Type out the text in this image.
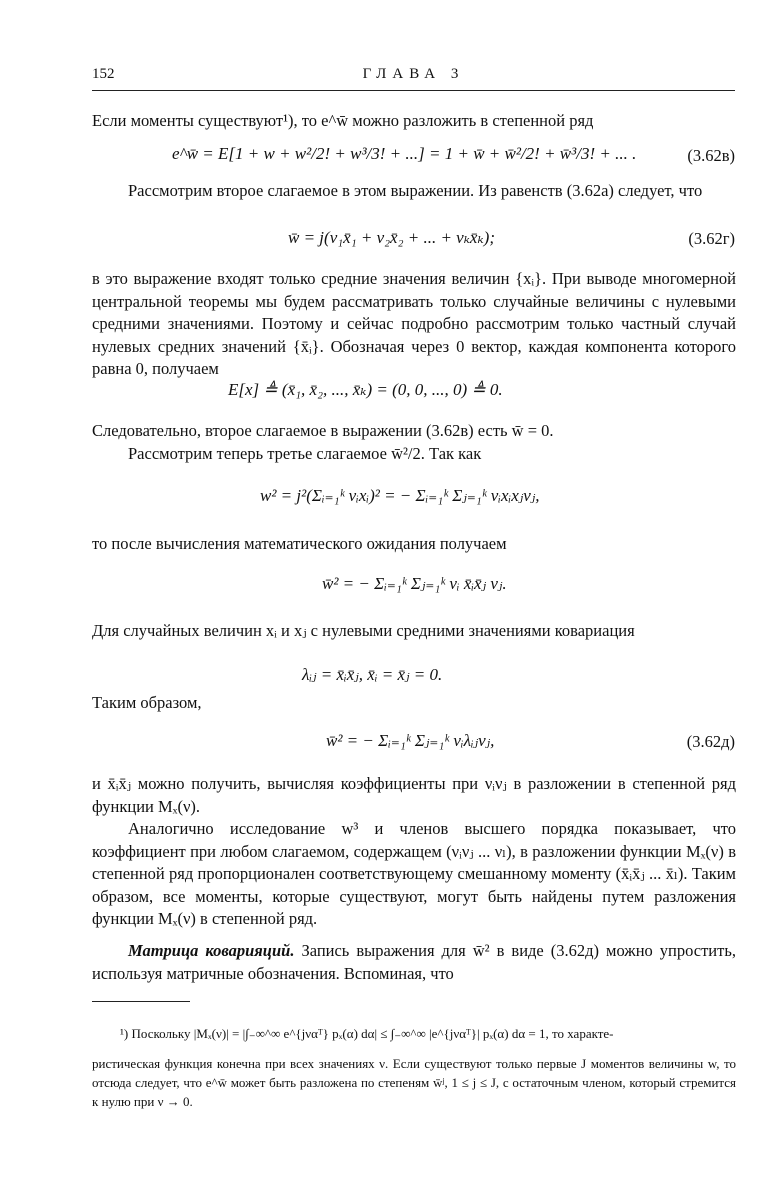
152	ГЛАВА 3
Если моменты существуют¹), то e^w̄ можно разложить в степенной ряд
e^w̄ = E[1 + w + w²/2! + w³/3! + ...] = 1 + w̄ + w̄²/2! + w̄³/3! + ... .	(3.62в)
Рассмотрим второе слагаемое в этом выражении. Из равенств (3.62а) следует, что
w̄ = j(ν₁x̄₁ + ν₂x̄₂ + ... + νₖx̄ₖ);	(3.62г)
в это выражение входят только средние значения величин {xᵢ}. При выводе многомерной центральной теоремы мы будем рассматривать только случайные величины с нулевыми средними значениями. Поэтому и сейчас подробно рассмотрим только частный случай нулевых средних значений {x̄ᵢ}. Обозначая через 0 вектор, каждая компонента которого равна 0, получаем
E[x] ≜ (x̄₁, x̄₂, ..., x̄ₖ) = (0, 0, ..., 0) ≜ 0.
Следовательно, второе слагаемое в выражении (3.62в) есть w̄ = 0.
Рассмотрим теперь третье слагаемое w̄²/2. Так как
w² = j²(Σᵢ₌₁ᵏ νᵢxᵢ)² = − Σᵢ₌₁ᵏ Σⱼ₌₁ᵏ νᵢxᵢxⱼνⱼ,
то после вычисления математического ожидания получаем
w̄² = − Σᵢ₌₁ᵏ Σⱼ₌₁ᵏ νᵢ x̄ᵢx̄ⱼ νⱼ.
Для случайных величин xᵢ и xⱼ с нулевыми средними значениями ковариация
λᵢⱼ = x̄ᵢx̄ⱼ, x̄ᵢ = x̄ⱼ = 0.
Таким образом,
w̄² = − Σᵢ₌₁ᵏ Σⱼ₌₁ᵏ νᵢλᵢⱼνⱼ,	(3.62д)
и x̄ᵢx̄ⱼ можно получить, вычисляя коэффициенты при νᵢνⱼ в разложении в степенной ряд функции Mₓ(ν).
Аналогично исследование w³ и членов высшего порядка показывает, что коэффициент при любом слагаемом, содержащем (νᵢνⱼ ... νₗ), в разложении функции Mₓ(ν) в степенной ряд пропорционален соответствующему смешанному моменту (x̄ᵢx̄ⱼ ... x̄ₗ). Таким образом, все моменты, которые существуют, могут быть найдены путем разложения функции Mₓ(ν) в степенной ряд.
Матрица коварияций. Запись выражения для w̄² в виде (3.62д) можно упростить, используя матричные обозначения. Вспоминая, что
¹) Поскольку |Mₓ(ν)| = |∫₋∞^∞ e^{jναᵀ} pₓ(α) dα| ≤ ∫₋∞^∞ |e^{jναᵀ}| pₓ(α) dα = 1, то характе-
ристическая функция конечна при всех значениях ν. Если существуют только первые J моментов величины w, то отсюда следует, что e^w̄ может быть разложена по степеням w̄ʲ, 1 ≤ j ≤ J, с остаточным членом, который стремится к нулю при ν → 0.
